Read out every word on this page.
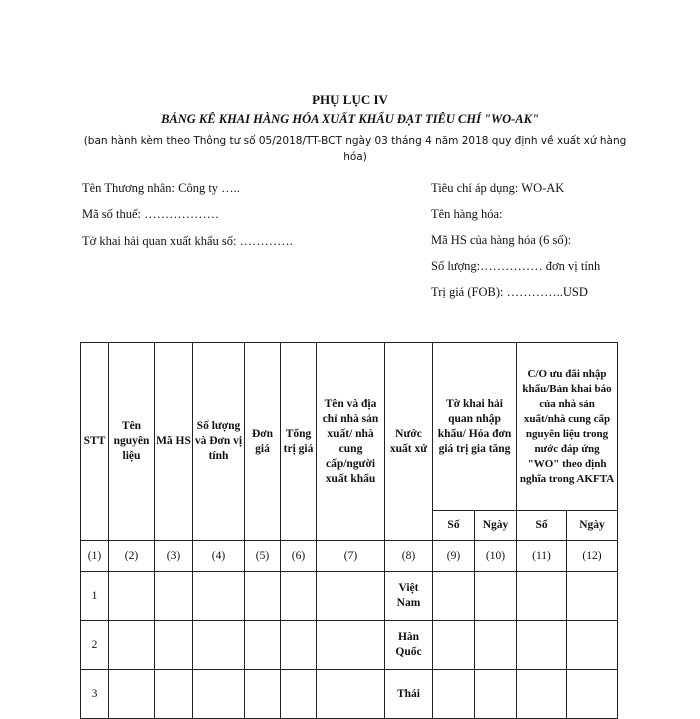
PHỤ LỤC IV
BẢNG KÊ KHAI HÀNG HÓA XUẤT KHẨU ĐẠT TIÊU CHÍ "WO-AK"
(ban hành kèm theo Thông tư số 05/2018/TT-BCT ngày 03 tháng 4 năm 2018 quy định về xuất xứ hàng hóa)
Tên Thương nhân: Công ty …..
Mã số thuế: ………………
Tờ khai hải quan xuất khẩu số: ………….
Tiêu chí áp dụng: WO-AK
Tên hàng hóa:
Mã HS của hàng hóa (6 số):
Số lượng:…………… đơn vị tính
Trị giá (FOB): …………..USD
STT	Tên nguyên liệu	Mã HS	Số lượng và Đơn vị tính	Đơn giá	Tổng trị giá	Tên và địa chỉ nhà sản xuất/ nhà cung cấp/người xuất khẩu	Nước xuất xứ	Tờ khai hải quan nhập khẩu/ Hóa đơn giá trị gia tăng		C/O ưu đãi nhập khẩu/Bản khai báo của nhà sản xuất/nhà cung cấp nguyên liệu trong nước đáp ứng "WO" theo định nghĩa trong AKFTA	
								Số	Ngày	Số	Ngày
(1)	(2)	(3)	(4)	(5)	(6)	(7)	(8)	(9)	(10)	(11)	(12)
1							Việt Nam				
2							Hàn Quốc				
3							Thái				
